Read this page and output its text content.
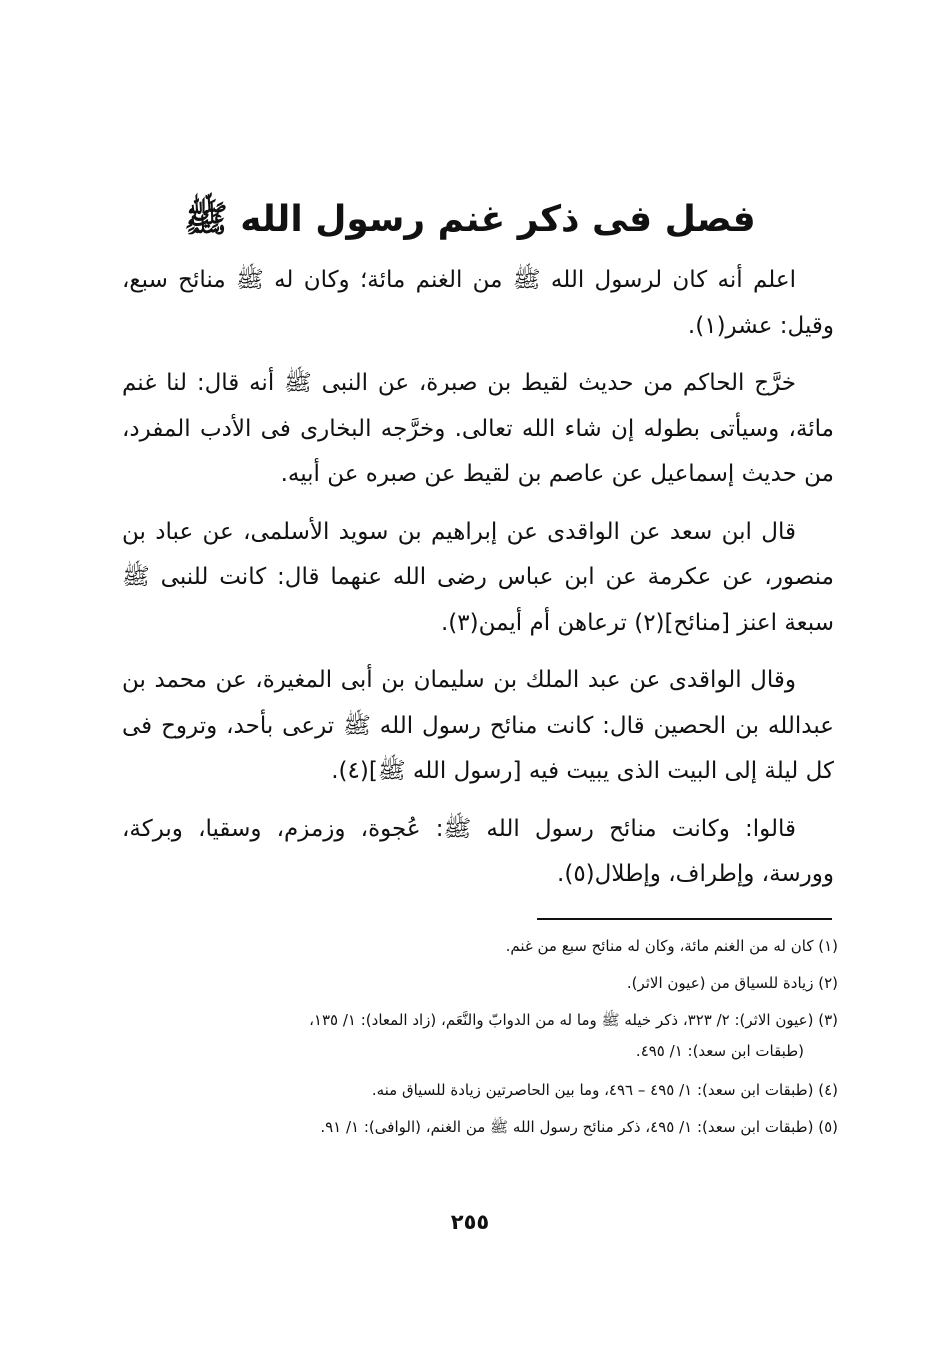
فصل فى ذكر غنم رسول الله ﷺ

اعلم أنه كان لرسول الله ﷺ من الغنم مائة؛ وكان له ﷺ منائح سبع، وقيل: عشر(١).

خرَّج الحاكم من حديث لقيط بن صبرة، عن النبى ﷺ أنه قال: لنا غنم مائة، وسيأتى بطوله إن شاء الله تعالى. وخرَّجه البخارى فى الأدب المفرد، من حديث إسماعيل عن عاصم بن لقيط عن صبره عن أبيه.

قال ابن سعد عن الواقدى عن إبراهيم بن سويد الأسلمى، عن عباد بن منصور، عن عكرمة عن ابن عباس رضى الله عنهما قال: كانت للنبى ﷺ سبعة اعنز [منائح](٢) ترعاهن أم أيمن(٣).

وقال الواقدى عن عبد الملك بن سليمان بن أبى المغيرة، عن محمد بن عبدالله بن الحصين قال: كانت منائح رسول الله ﷺ ترعى بأحد، وتروح فى كل ليلة إلى البيت الذى يبيت فيه [رسول الله ﷺ](٤).

قالوا: وكانت منائح رسول الله ﷺ: عُجوة، وزمزم، وسقيا، وبركة، وورسة، وإطراف، وإطلال(٥).

(١) كان له من الغنم مائة، وكان له منائح سبع من غنم.

(٢) زيادة للسياق من (عيون الاثر).

(٣) (عيون الاثر): ٢/ ٣٢٣، ذكر خيله ﷺ وما له من الدوابّ والنَّعَم، (زاد المعاد): ١/ ١٣٥،

(طبقات ابن سعد): ١/ ٤٩٥.

(٤) (طبقات ابن سعد): ١/ ٤٩٥ – ٤٩٦، وما بين الحاصرتين زيادة للسياق منه.

(٥) (طبقات ابن سعد): ١/ ٤٩٥، ذكر منائح رسول الله ﷺ من الغنم، (الوافى): ١/ ٩١.

٢٥٥
